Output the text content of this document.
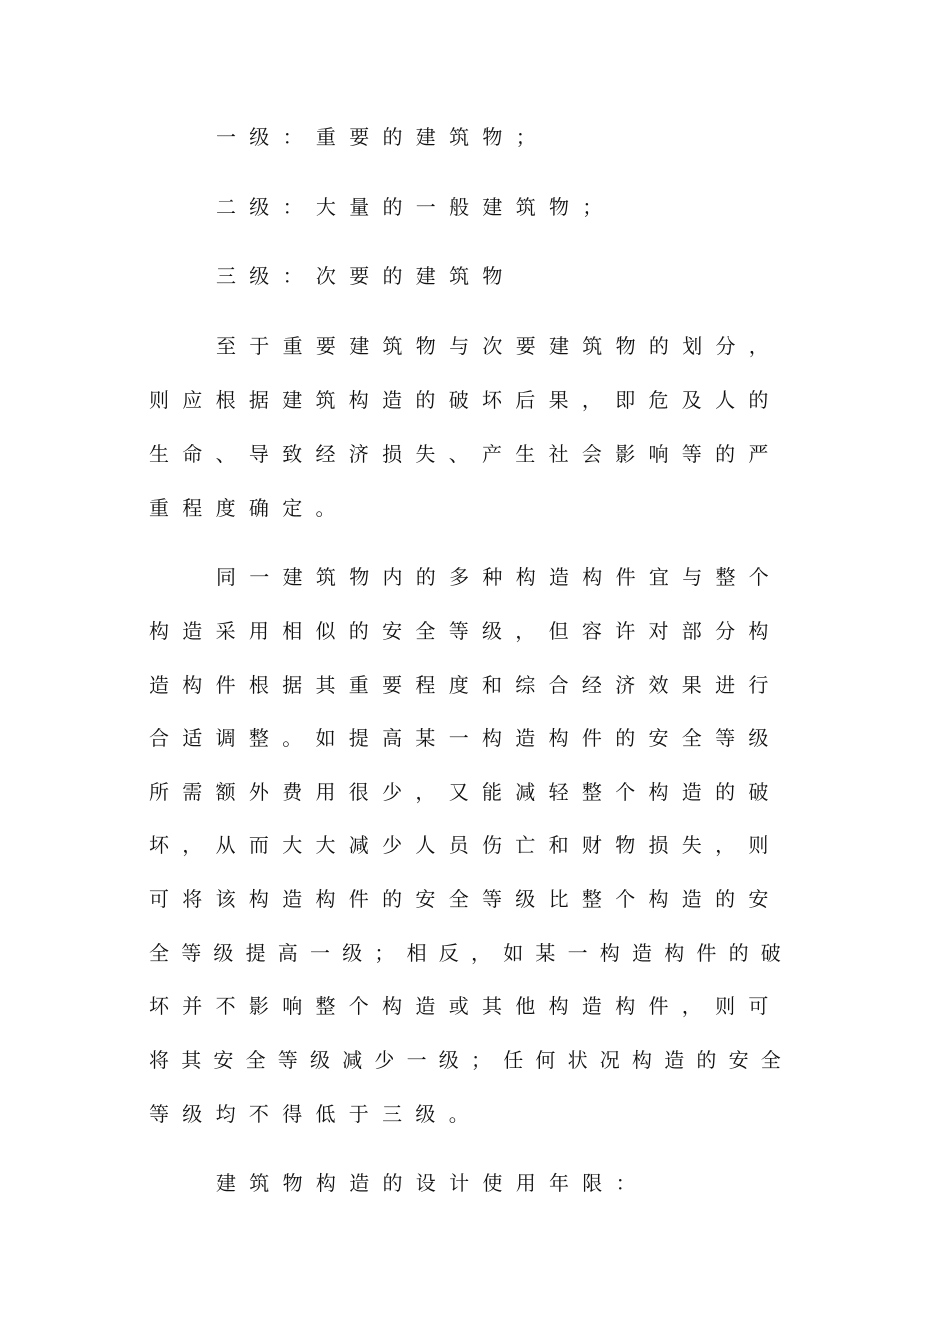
一级：重要的建筑物；

二级：大量的一般建筑物；

三级：次要的建筑物

至于重要建筑物与次要建筑物的划分，

则应根据建筑构造的破坏后果，即危及人的

生命、导致经济损失、产生社会影响等的严

重程度确定。

同一建筑物内的多种构造构件宜与整个

构造采用相似的安全等级，但容许对部分构

造构件根据其重要程度和综合经济效果进行

合适调整。如提高某一构造构件的安全等级

所需额外费用很少，又能减轻整个构造的破

坏，从而大大减少人员伤亡和财物损失，则

可将该构造构件的安全等级比整个构造的安

全等级提高一级；相反，如某一构造构件的破

坏并不影响整个构造或其他构造构件，则可

将其安全等级减少一级；任何状况构造的安全

等级均不得低于三级。

建筑物构造的设计使用年限：
